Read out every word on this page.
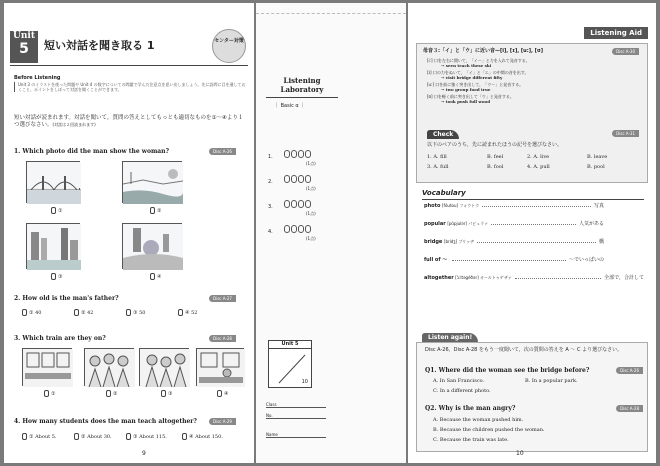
Unit
5	短い対話を聞き取る 1	センター対策
Before Listening
Unit 3 のイラストを使った問題や Unit 4 の数字についての問題で学んだ注意点を思い出しましょう。先に設問に目を通しておくこと、ポイントをしぼって対話を聞くことができます。
短い対話が読まれます。対話を聞いて，質問の答えとしてもっとも適切なものを①～④より１つ選びなさい。(対話は２回読まれます)
1. Which photo did the man show the woman?	Disc A-26
①	②
③	④
2. How old is the man's father?	Disc A-27
① 40	② 42	③ 50	④ 52
3. Which train are they on?	Disc A-28
①	②	③	④
4. How many students does the man teach altogether?	Disc A-29
① About 5.	② About 30.	③ About 115.	④ About 150.
9
Listening Laboratory
｜ Basic α ｜
1.
(1点)
2.
(1点)
3.
(1点)
4.
(1点)
Unit 5
10
Class
No.
Name
Listening Aid
母音３:「イ」と「ウ」に近い音—[i], [ɪ], [u:], [ʊ]	Disc A-30
[i:] 口を左右に開いて，「イー」と力を入れて発音する。
→ seen teach these ski
[ɪ] 口の力をぬいて，「イ」と「エ」の中間の音を出す。
→ visit bridge different fifty
[u:] 口を前に強く突き出して，「ウー」と発音する。
→ two group food true
[ʊ] 口を軽く前に突き出して「ウ」と発音する。
→ took push full wood
Check	Disc A-31
以下のペアのうち，先に読まれたほうの記号を選びなさい。
1. A. fill	B. feel	2. A. live	B. leave
3. A. full	B. fool	4. A. pull	B. pool
Vocabulary
photo
[fóutou] フォウトウ	写真
popular
[pɑ́pjulər] パピュラァ	人気がある
bridge
[brídʒ] ブリッヂ	橋
full of ～
	～でいっぱいの
altogether
[ɔ̀ːltəgéðər] オールトゥゲザァ	全部で，合計して
Listen again!
Disc A-26，Disc A-28 をもう一度聞いて，次の質問の答えを A ～ C より選びなさい。
Q1. Where did the woman see the bridge before?	Disc A-26
A. In San Francisco.	B. In a popular park.
C. In a different photo.
Q2. Why is the man angry?	Disc A-28
A. Because the woman pushed him.
B. Because the children pushed the woman.
C. Because the train was late.
10
